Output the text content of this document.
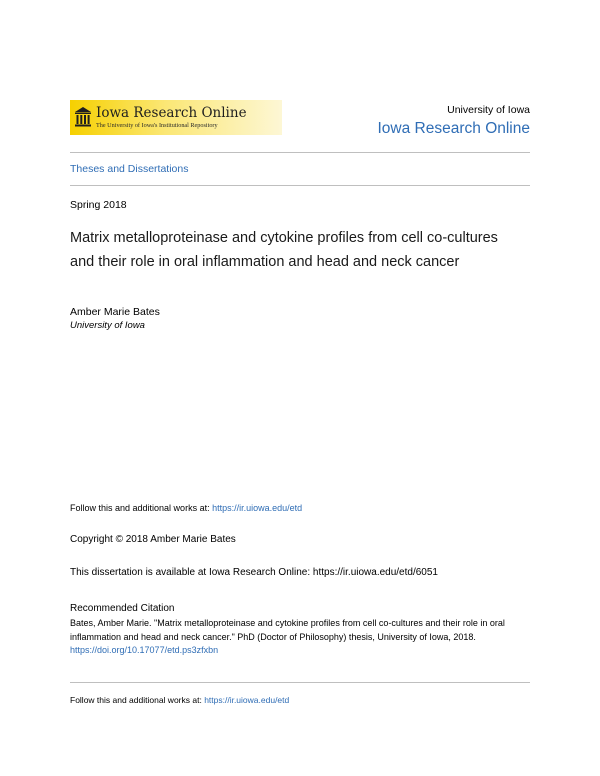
Iowa Research Online
The University of Iowa's Institutional Repository
University of Iowa
Iowa Research Online
Theses and Dissertations
Spring 2018
Matrix metalloproteinase and cytokine profiles from cell co-cultures and their role in oral inflammation and head and neck cancer
Amber Marie Bates
University of Iowa
Follow this and additional works at: https://ir.uiowa.edu/etd
Copyright © 2018 Amber Marie Bates
This dissertation is available at Iowa Research Online: https://ir.uiowa.edu/etd/6051
Recommended Citation
Bates, Amber Marie. "Matrix metalloproteinase and cytokine profiles from cell co-cultures and their role in oral inflammation and head and neck cancer." PhD (Doctor of Philosophy) thesis, University of Iowa, 2018. https://doi.org/10.17077/etd.ps3zfxbn
Follow this and additional works at: https://ir.uiowa.edu/etd
